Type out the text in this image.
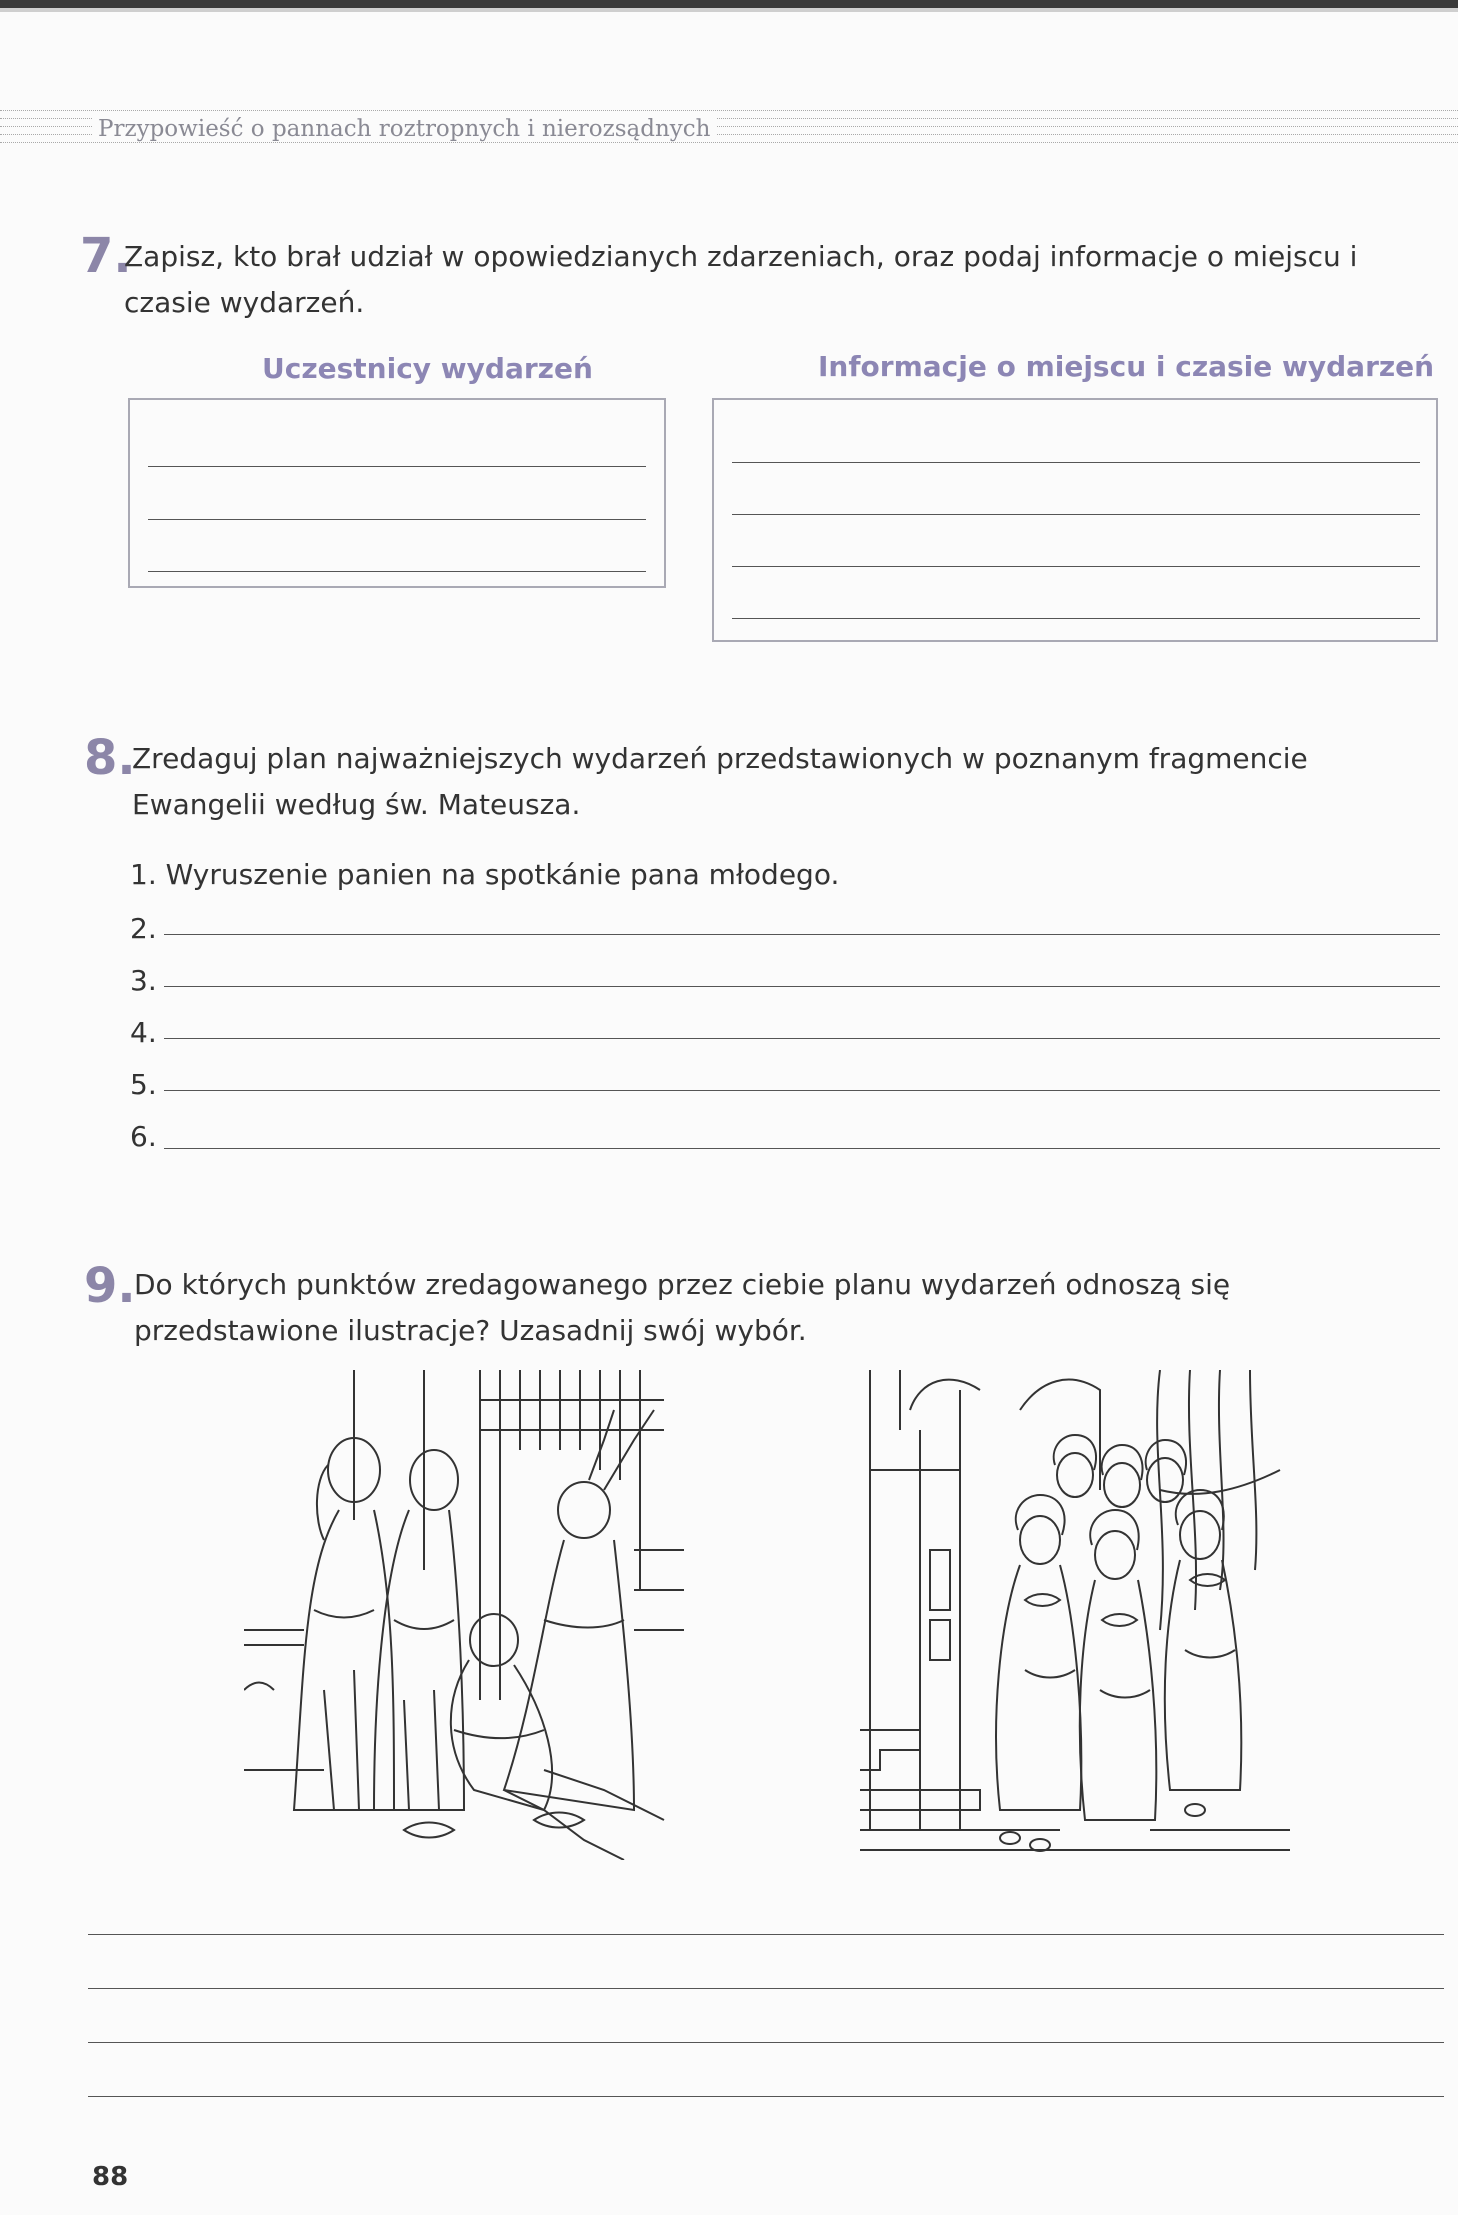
Przypowieść o pannach roztropnych i nierozsądnych
7.
Zapisz, kto brał udział w opowiedzianych zdarzeniach, oraz podaj informacje o miejscu i czasie wydarzeń.
Uczestnicy wydarzeń	Informacje o miejscu i czasie wydarzeń
8.
Zredaguj plan najważniejszych wydarzeń przedstawionych w poznanym fragmencie Ewangelii według św. Mateusza.
1. Wyruszenie panien na spotkánie pana młodego.
2.
3.
4.
5.
6.
9.
Do których punktów zredagowanego przez ciebie planu wydarzeń odnoszą się przedstawione ilustracje? Uzasadnij swój wybór.
88
